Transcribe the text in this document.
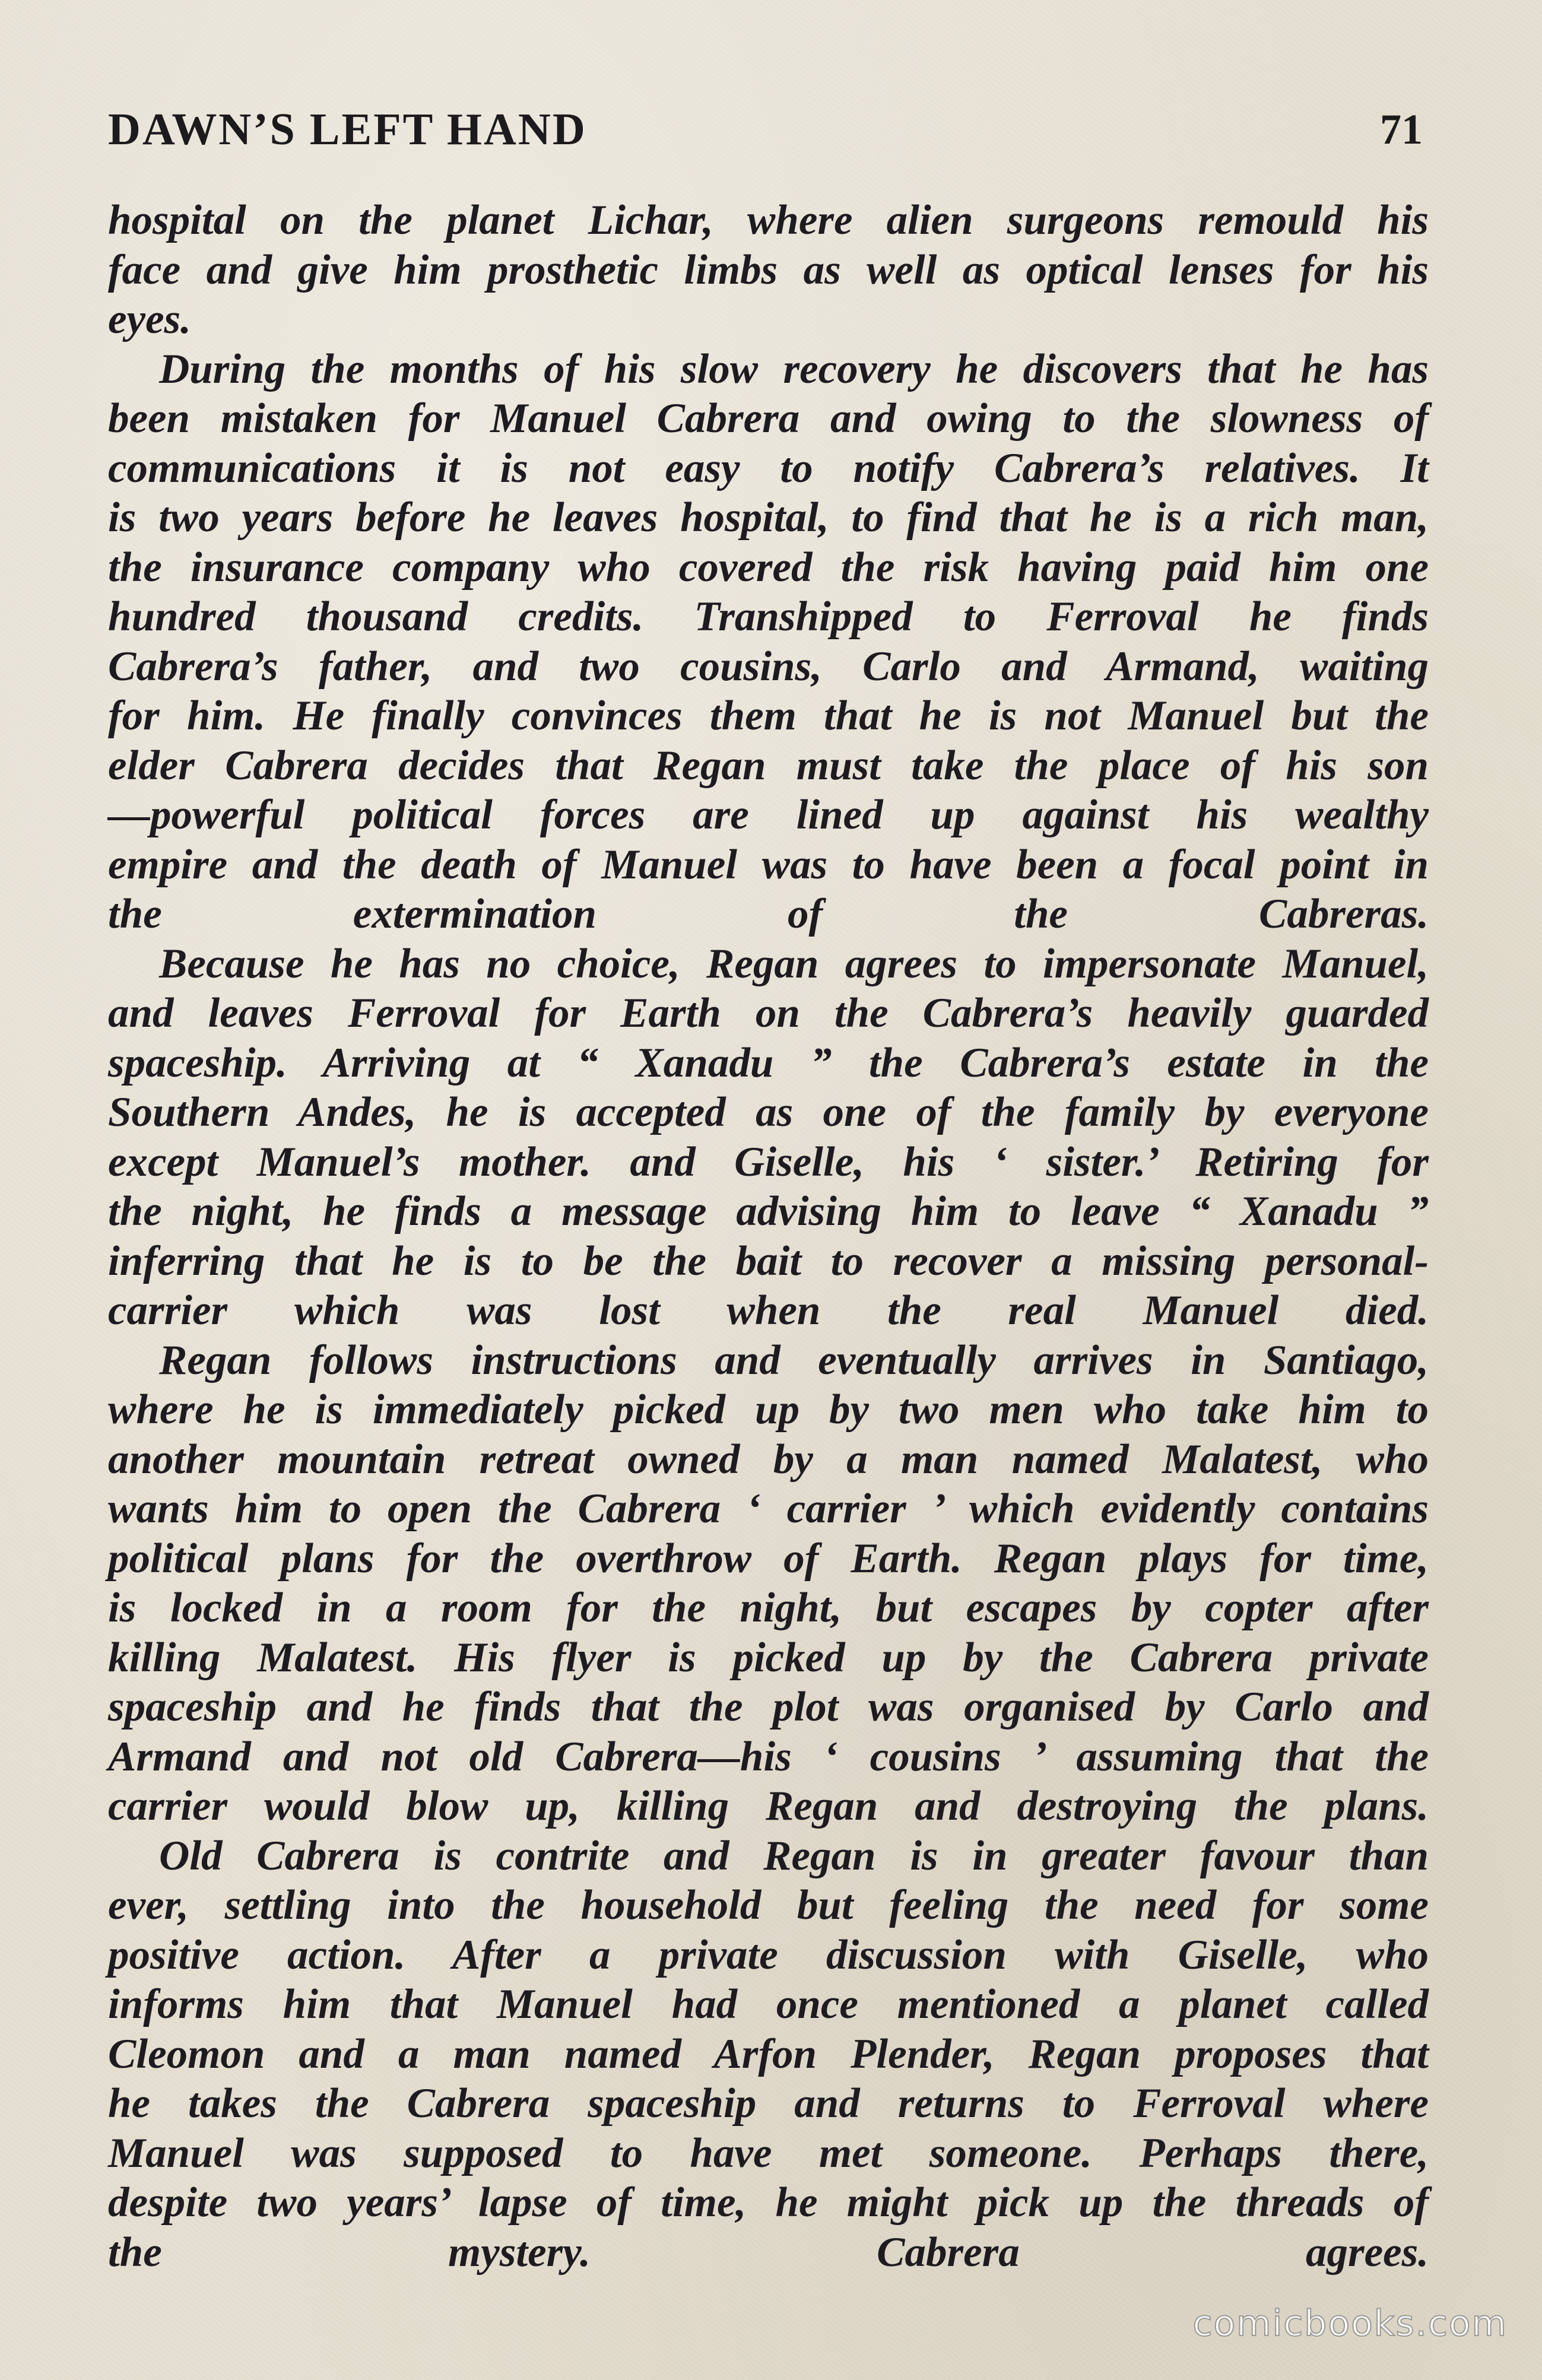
DAWN’S LEFT HAND	71

hospital on the planet Lichar, where alien surgeons remould his
face and give him prosthetic limbs as well as optical lenses for his
eyes.

During the months of his slow recovery he discovers that he has
been mistaken for Manuel Cabrera and owing to the slowness of
communications it is not easy to notify Cabrera’s relatives. It
is two years before he leaves hospital, to find that he is a rich man,
the insurance company who covered the risk having paid him one
hundred thousand credits. Transhipped to Ferroval he finds
Cabrera’s father, and two cousins, Carlo and Armand, waiting
for him. He finally convinces them that he is not Manuel but the
elder Cabrera decides that Regan must take the place of his son
—powerful political forces are lined up against his wealthy
empire and the death of Manuel was to have been a focal point in
the extermination of the Cabreras.

Because he has no choice, Regan agrees to impersonate Manuel,
and leaves Ferroval for Earth on the Cabrera’s heavily guarded
spaceship. Arriving at “ Xanadu ” the Cabrera’s estate in the
Southern Andes, he is accepted as one of the family by everyone
except Manuel’s mother. and Giselle, his ‘ sister.’ Retiring for
the night, he finds a message advising him to leave “ Xanadu ”
inferring that he is to be the bait to recover a missing personal-
carrier which was lost when the real Manuel died.

Regan follows instructions and eventually arrives in Santiago,
where he is immediately picked up by two men who take him to
another mountain retreat owned by a man named Malatest, who
wants him to open the Cabrera ‘ carrier ’ which evidently contains
political plans for the overthrow of Earth. Regan plays for time,
is locked in a room for the night, but escapes by copter after
killing Malatest. His flyer is picked up by the Cabrera private
spaceship and he finds that the plot was organised by Carlo and
Armand and not old Cabrera—his ‘ cousins ’ assuming that the
carrier would blow up, killing Regan and destroying the plans.

Old Cabrera is contrite and Regan is in greater favour than
ever, settling into the household but feeling the need for some
positive action. After a private discussion with Giselle, who
informs him that Manuel had once mentioned a planet called
Cleomon and a man named Arfon Plender, Regan proposes that
he takes the Cabrera spaceship and returns to Ferroval where
Manuel was supposed to have met someone. Perhaps there,
despite two years’ lapse of time, he might pick up the threads of
the mystery. Cabrera agrees.

comicbooks.com
